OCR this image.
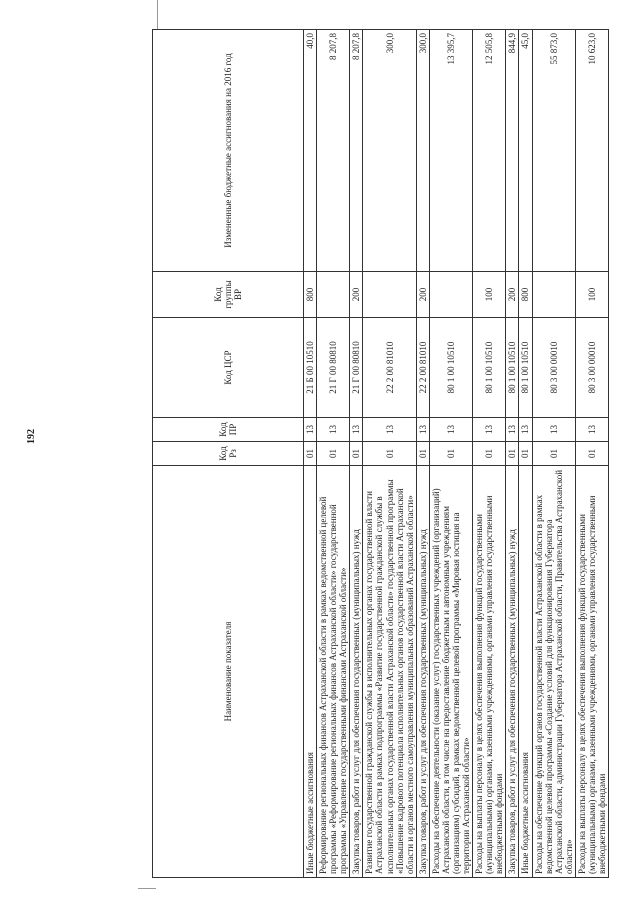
192
Наименование показателя	Код Рз	Код ПР	Код ЦСР	Код группы ВР	Измененные бюджетные ассигнования на 2016 год
Иные бюджетные ассигнования	01	13	21 Б 00 10510	800	40,0
Реформирование региональных финансов Астраханской области в рамках ведомственной целевой программы «Реформирование региональных финансов Астраханской области» государственной программы «Управление государственными финансами Астраханской области»	01	13	21 Г 00 80810		8 207,8
Закупка товаров, работ и услуг для обеспечения государственных (муниципальных) нужд	01	13	21 Г 00 80810	200	8 207,8
Развитие государственной гражданской службы в исполнительных органах государственной власти Астраханской области в рамках подпрограммы «Развитие государственной гражданской службы в исполнительных органах государственной власти Астраханской области» государственной программы «Повышение кадрового потенциала исполнительных органов государственной власти Астраханской области и органов местного самоуправления муниципальных образований Астраханской области»	01	13	22 2 00 81010		300,0
Закупка товаров, работ и услуг для обеспечения государственных (муниципальных) нужд	01	13	22 2 00 81010	200	300,0
Расходы на обеспечение деятельности (оказание услуг) государственных учреждений (организаций) Астраханской области, в том числе на предоставление бюджетным и автономным учреждениям (организациям) субсидий, в рамках ведомственной целевой программы «Мировая юстиция на территории Астраханской области»	01	13	80 1 00 10510		13 395,7
Расходы на выплаты персоналу в целях обеспечения выполнения функций государственными (муниципальными) органами, казенными учреждениями, органами управления государственными внебюджетными фондами	01	13	80 1 00 10510	100	12 505,8
Закупка товаров, работ и услуг для обеспечения государственных (муниципальных) нужд	01	13	80 1 00 10510	200	844,9
Иные бюджетные ассигнования	01	13	80 1 00 10510	800	45,0
Расходы на обеспечение функций органов государственной власти Астраханской области в рамках ведомственной целевой программы «Создание условий для функционирования Губернатора Астраханской области, администрации Губернатора Астраханской области, Правительства Астраханской области»	01	13	80 3 00 00010		55 873,0
Расходы на выплаты персоналу в целях обеспечения выполнения функций государственными (муниципальными) органами, казенными учреждениями, органами управления государственными внебюджетными фондами	01	13	80 3 00 00010	100	10 623,0
